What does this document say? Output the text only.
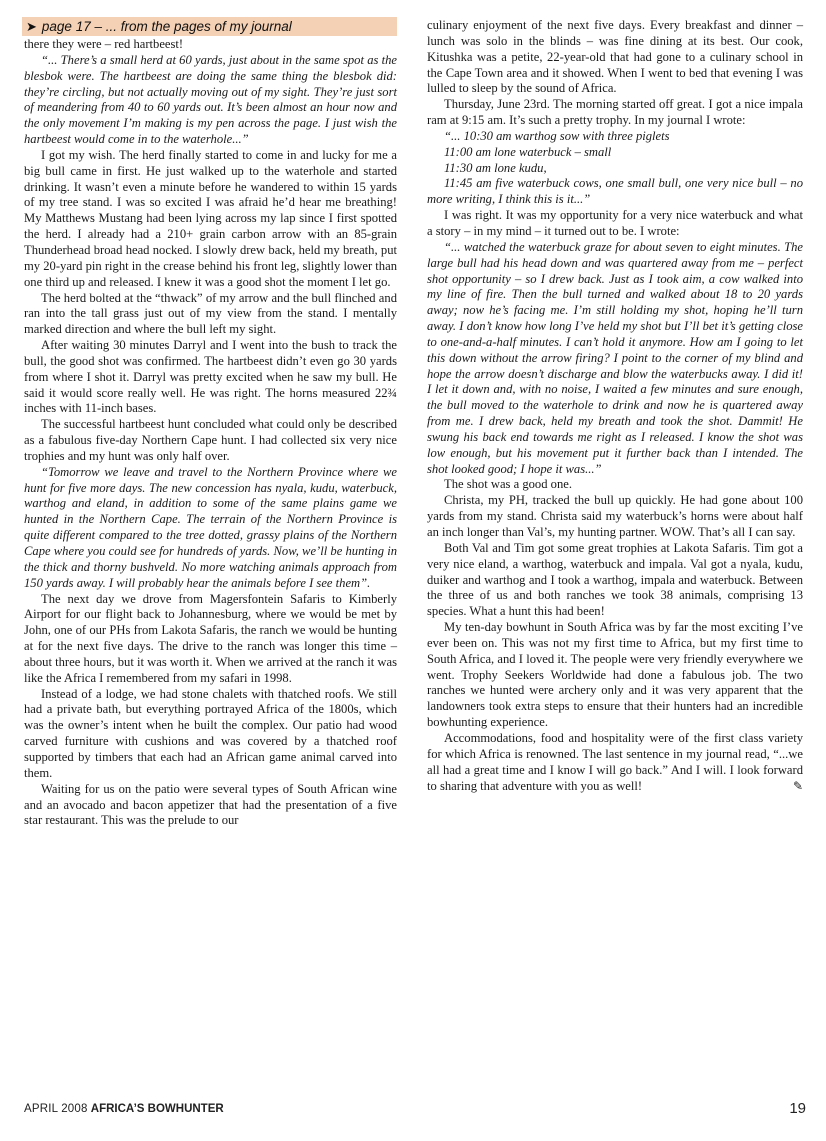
➤ page 17 – ... from the pages of my journal

there they were – red hartbeest!

“... There’s a small herd at 60 yards, just about in the same spot as the blesbok were. The hartbeest are doing the same thing the blesbok did: they’re circling, but not actually moving out of my sight. They’re just sort of meandering from 40 to 60 yards out. It’s been almost an hour now and the only movement I’m making is my pen across the page. I just wish the hartbeest would come in to the waterhole...”

I got my wish. The herd finally started to come in and lucky for me a big bull came in first. He just walked up to the waterhole and started drinking. It wasn’t even a minute before he wandered to within 15 yards of my tree stand. I was so excited I was afraid he’d hear me breathing! My Matthews Mustang had been lying across my lap since I first spotted the herd. I already had a 210+ grain carbon arrow with an 85-grain Thunderhead broad head nocked. I slowly drew back, held my breath, put my 20-yard pin right in the crease behind his front leg, slightly lower than one third up and released. I knew it was a good shot the moment I let go.

The herd bolted at the “thwack” of my arrow and the bull flinched and ran into the tall grass just out of my view from the stand. I mentally marked direction and where the bull left my sight.

After waiting 30 minutes Darryl and I went into the bush to track the bull, the good shot was confirmed. The hartbeest didn’t even go 30 yards from where I shot it. Darryl was pretty excited when he saw my bull. He said it would score really well. He was right. The horns measured 22¾ inches with 11-inch bases.

The successful hartbeest hunt concluded what could only be described as a fabulous five-day Northern Cape hunt. I had collected six very nice trophies and my hunt was only half over.

“Tomorrow we leave and travel to the Northern Province where we hunt for five more days. The new concession has nyala, kudu, waterbuck, warthog and eland, in addition to some of the same plains game we hunted in the Northern Cape. The terrain of the Northern Province is quite different compared to the tree dotted, grassy plains of the Northern Cape where you could see for hundreds of yards. Now, we’ll be hunting in the thick and thorny bushveld. No more watching animals approach from 150 yards away. I will probably hear the animals before I see them”.

The next day we drove from Magersfontein Safaris to Kimberly Airport for our flight back to Johannesburg, where we would be met by John, one of our PHs from Lakota Safaris, the ranch we would be hunting at for the next five days. The drive to the ranch was longer this time – about three hours, but it was worth it. When we arrived at the ranch it was like the Africa I remembered from my safari in 1998.

Instead of a lodge, we had stone chalets with thatched roofs. We still had a private bath, but everything portrayed Africa of the 1800s, which was the owner’s intent when he built the complex. Our patio had wood carved furniture with cushions and was covered by a thatched roof supported by timbers that each had an African game animal carved into them.

Waiting for us on the patio were several types of South African wine and an avocado and bacon appetizer that had the presentation of a five star restaurant. This was the prelude to our

culinary enjoyment of the next five days. Every breakfast and dinner – lunch was solo in the blinds – was fine dining at its best. Our cook, Kitushka was a petite, 22-year-old that had gone to a culinary school in the Cape Town area and it showed. When I went to bed that evening I was lulled to sleep by the sound of Africa.

Thursday, June 23rd. The morning started off great. I got a nice impala ram at 9:15 am. It’s such a pretty trophy. In my journal I wrote:

“... 10:30 am warthog sow with three piglets

11:00 am lone waterbuck – small

11:30 am lone kudu,

11:45 am five waterbuck cows, one small bull, one very nice bull – no more writing, I think this is it...”

I was right. It was my opportunity for a very nice waterbuck and what a story – in my mind – it turned out to be. I wrote:

“... watched the waterbuck graze for about seven to eight minutes. The large bull had his head down and was quartered away from me – perfect shot opportunity – so I drew back. Just as I took aim, a cow walked into my line of fire. Then the bull turned and walked about 18 to 20 yards away; now he’s facing me. I’m still holding my shot, hoping he’ll turn away. I don’t know how long I’ve held my shot but I’ll bet it’s getting close to one-and-a-half minutes. I can’t hold it anymore. How am I going to let this down without the arrow firing? I point to the corner of my blind and hope the arrow doesn’t discharge and blow the waterbucks away. I did it! I let it down and, with no noise, I waited a few minutes and sure enough, the bull moved to the waterhole to drink and now he is quartered away from me. I drew back, held my breath and took the shot. Dammit! He swung his back end towards me right as I released. I know the shot was low enough, but his movement put it further back than I intended. The shot looked good; I hope it was...”

The shot was a good one.

Christa, my PH, tracked the bull up quickly. He had gone about 100 yards from my stand. Christa said my waterbuck’s horns were about half an inch longer than Val’s, my hunting partner. WOW. That’s all I can say.

Both Val and Tim got some great trophies at Lakota Safaris. Tim got a very nice eland, a warthog, waterbuck and impala. Val got a nyala, kudu, duiker and warthog and I took a warthog, impala and waterbuck. Between the three of us and both ranches we took 38 animals, comprising 13 species. What a hunt this had been!

My ten-day bowhunt in South Africa was by far the most exciting I’ve ever been on. This was not my first time to Africa, but my first time to South Africa, and I loved it. The people were very friendly everywhere we went. Trophy Seekers Worldwide had done a fabulous job. The two ranches we hunted were archery only and it was very apparent that the landowners took extra steps to ensure that their hunters had an incredible bowhunting experience.

Accommodations, food and hospitality were of the first class variety for which Africa is renowned. The last sentence in my journal read, “...we all had a great time and I know I will go back.” And I will. I look forward to sharing that adventure with you as well!	✎

APRIL 2008 AFRICA’S BOWHUNTER	19
